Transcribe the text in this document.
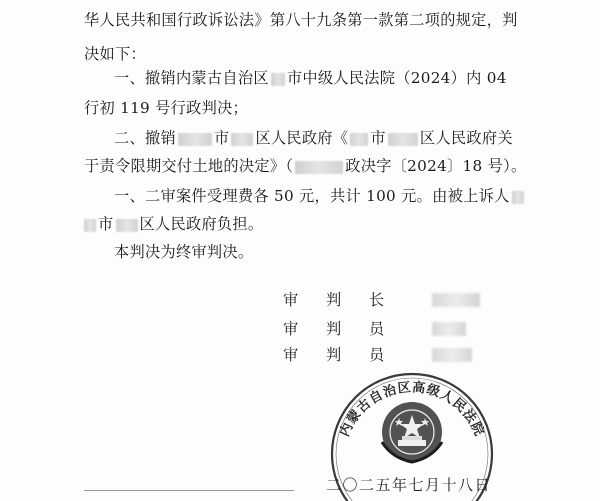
华人民共和国行政诉讼法》第八十九条第一款第二项的规定，判
决如下：
一、撤销内蒙古自治区 市中级人民法院（2024）内 04
行初 119 号行政判决；
二、撤销	市 区人民政府《 市 区人民政府关
于责令限期交付土地的决定》（	政决字〔2024〕18 号）。
一、二审案件受理费各 50 元，共计 100 元。由被上诉人
市 区人民政府负担。
本判决为终审判决。
审 判 长
审 判 员
审 判 员
内蒙古自治区高级人民法院
二〇二五年七月十八日
